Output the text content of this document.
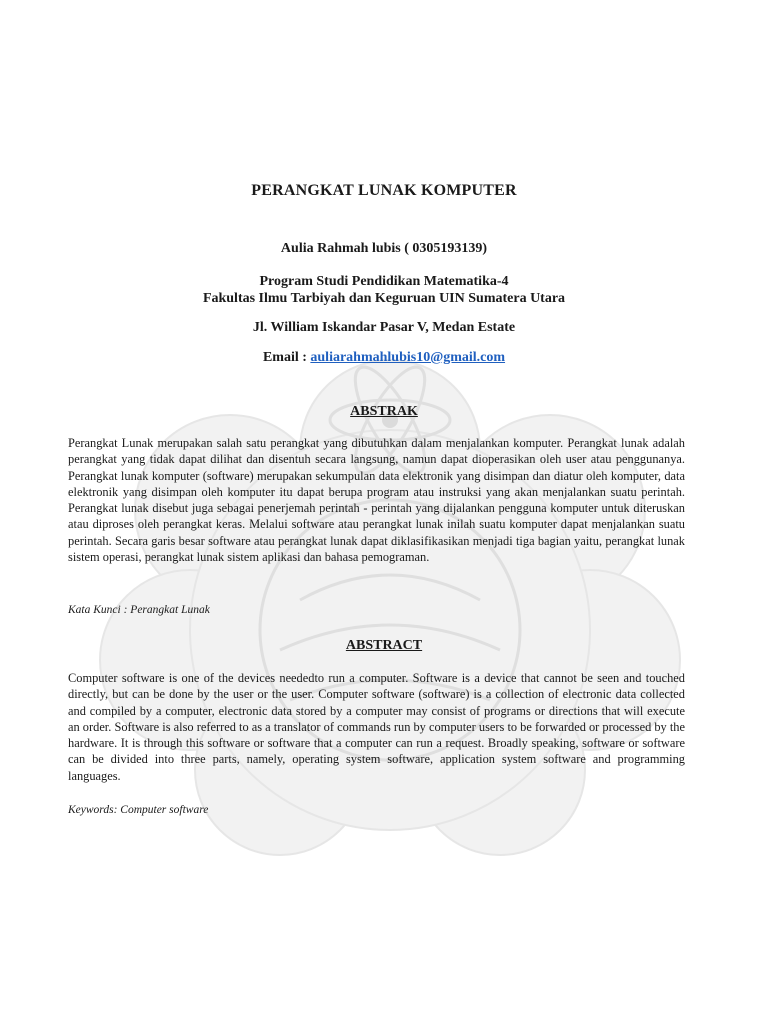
PERANGKAT LUNAK KOMPUTER
Aulia Rahmah lubis ( 0305193139)
Program Studi Pendidikan Matematika-4
Fakultas Ilmu Tarbiyah dan Keguruan UIN Sumatera Utara
Jl. William Iskandar Pasar V, Medan Estate
Email : auliarahmahlubis10@gmail.com
ABSTRAK
Perangkat Lunak merupakan salah satu perangkat yang dibutuhkan dalam menjalankan komputer. Perangkat lunak adalah perangkat yang tidak dapat dilihat dan disentuh secara langsung, namun dapat dioperasikan oleh user atau penggunanya. Perangkat lunak komputer (software) merupakan sekumpulan data elektronik yang disimpan dan diatur oleh komputer, data elektronik yang disimpan oleh komputer itu dapat berupa program atau instruksi yang akan menjalankan suatu perintah. Perangkat lunak disebut juga sebagai penerjemah perintah - perintah yang dijalankan pengguna komputer untuk diteruskan atau diproses oleh perangkat keras. Melalui software atau perangkat lunak inilah suatu komputer dapat menjalankan suatu perintah. Secara garis besar software atau perangkat lunak dapat diklasifikasikan menjadi tiga bagian yaitu, perangkat lunak sistem operasi, perangkat lunak sistem aplikasi dan bahasa pemograman.
Kata Kunci : Perangkat Lunak
ABSTRACT
Computer software is one of the devices neededto run a computer. Software is a device that cannot be seen and touched directly, but can be done by the user or the user. Computer software (software) is a collection of electronic data collected and compiled by a computer, electronic data stored by a computer may consist of programs or directions that will execute an order. Software is also referred to as a translator of commands run by computer users to be forwarded or processed by the hardware. It is through this software or software that a computer can run a request. Broadly speaking, software or software can be divided into three parts, namely, operating system software, application system software and programming languages.
Keywords: Computer software
